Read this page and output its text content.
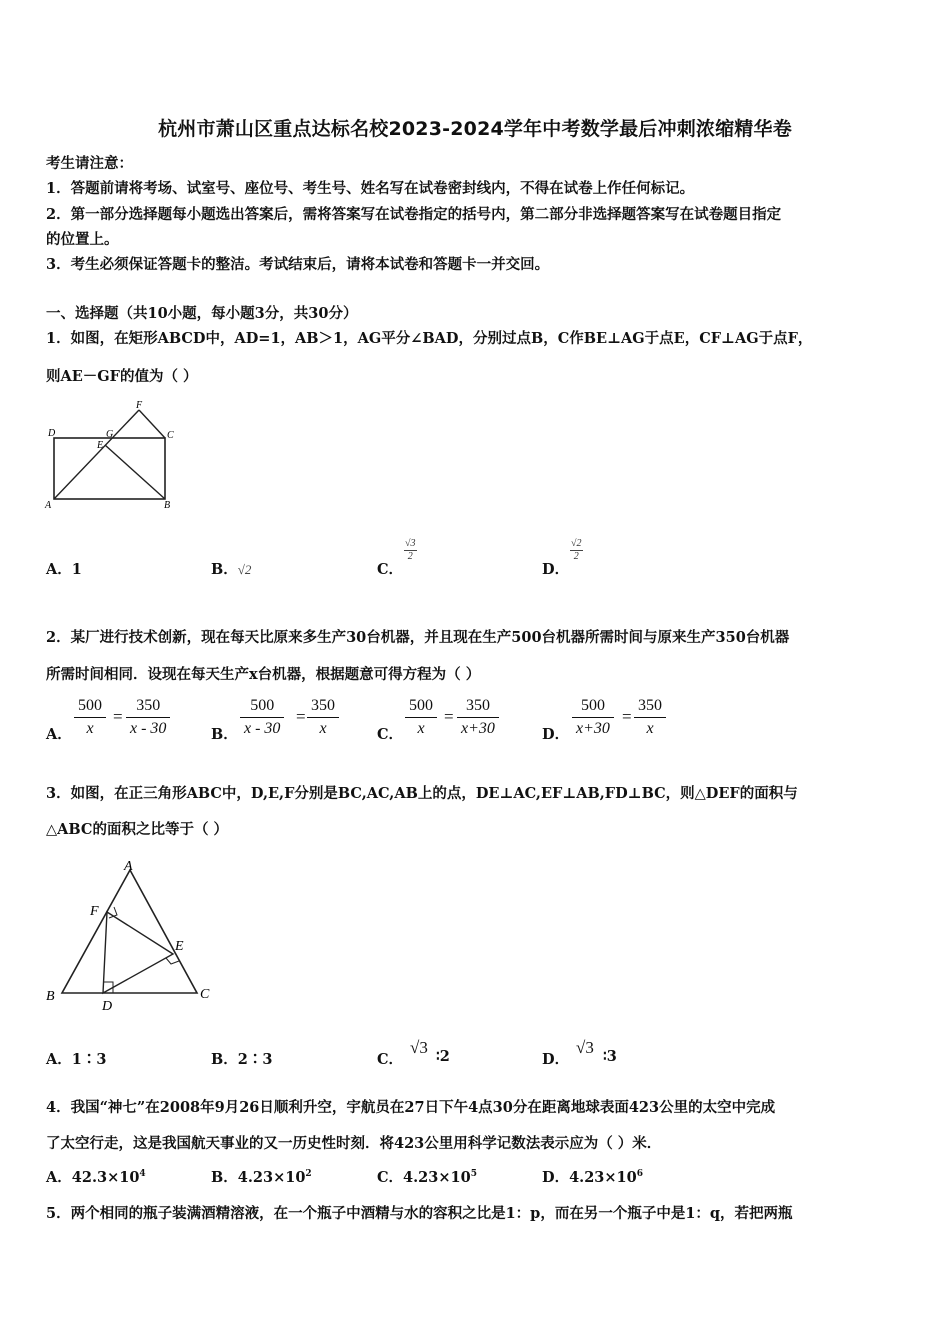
杭州市萧山区重点达标名校2023-2024学年中考数学最后冲刺浓缩精华卷
考生请注意：
1．答题前请将考场、试室号、座位号、考生号、姓名写在试卷密封线内，不得在试卷上作任何标记。
2．第一部分选择题每小题选出答案后，需将答案写在试卷指定的括号内，第二部分非选择题答案写在试卷题目指定
的位置上。
3．考生必须保证答题卡的整洁。考试结束后，请将本试卷和答题卡一并交回。
一、选择题（共10小题，每小题3分，共30分）
1．如图，在矩形ABCD中，AD=1，AB＞1，AG平分∠BAD，分别过点B，C作BE⊥AG于点E，CF⊥AG于点F，
则AE－GF的值为（ ）
D	G
E
F
C
A	B
A．1	B．√2	C．
$\frac{√3}{2}$
D．
$\frac{√2}{2}$
2．某厂进行技术创新，现在每天比原来多生产30台机器，并且现在生产500台机器所需时间与原来生产350台机器
所需时间相同．设现在每天生产x台机器，根据题意可得方程为（ ）
A． $\frac{500}{x} = \frac{350}{x - 30}$	B． $\frac{500}{x - 30} = \frac{350}{x}$	C． $\frac{500}{x} = \frac{350}{x+30}$	D． $\frac{500}{x+30} = \frac{350}{x}$
3．如图，在正三角形ABC中，D,E,F分别是BC,AC,AB上的点，DE⊥AC,EF⊥AB,FD⊥BC，则△DEF的面积与
△ABC的面积之比等于（ ）
A
F
E
B
D
C
A．1∶3	B．2∶3	C．
√3 ∶2	D．
√3 ∶3
4．我国“神七”在2008年9月26日顺利升空，宇航员在27日下午4点30分在距离地球表面423公里的太空中完成
了太空行走，这是我国航天事业的又一历史性时刻．将423公里用科学记数法表示应为（ ）米．
A．$42.3\times 10^4$	B．$4.23\times 10^2$	C．$4.23\times 10^5$	D．$4.23\times 10^6$
5．两个相同的瓶子装满酒精溶液，在一个瓶子中酒精与水的容积之比是1：p，而在另一个瓶子中是1：q，若把两瓶
